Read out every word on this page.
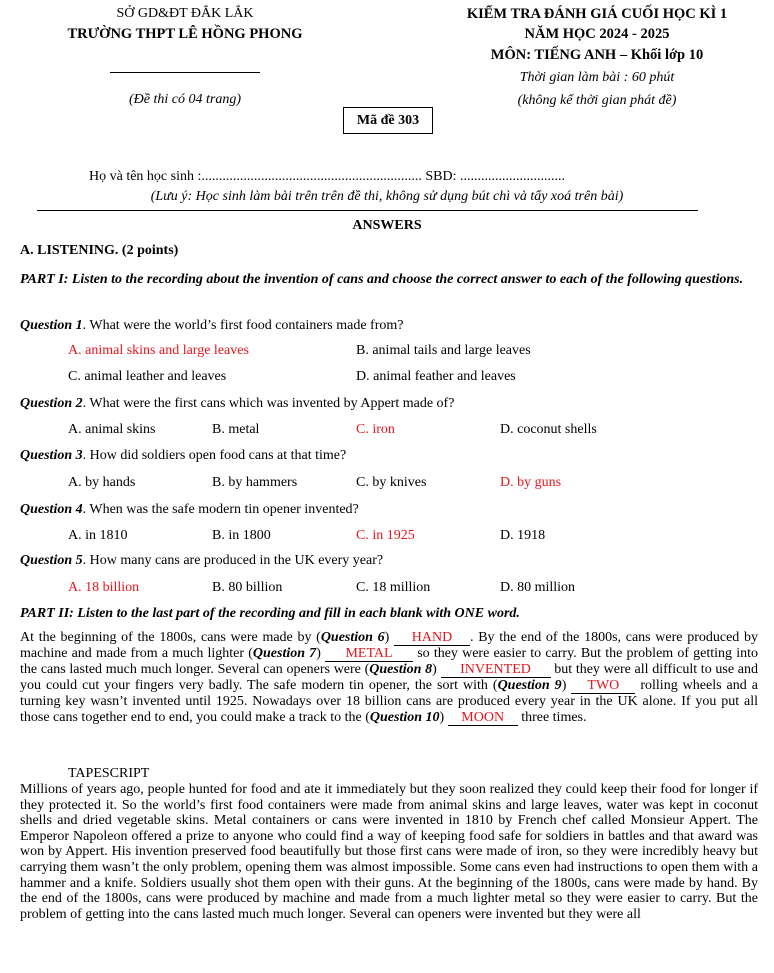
SỞ GD&ĐT ĐẮK LẮK
TRƯỜNG THPT LÊ HỒNG PHONG
(Đề thi có 04 trang)
KIỂM TRA ĐÁNH GIÁ CUỐI HỌC KÌ 1
NĂM HỌC 2024 - 2025
MÔN: TIẾNG ANH – Khối lớp 10
Thời gian làm bài : 60 phút
(không kể thời gian phát đề)
Mã đề 303
Họ và tên học sinh :............................................................... SBD: ..............................
(Lưu ý: Học sinh làm bài trên trên đề thi, không sử dụng bút chì và tẩy xoá trên bài)
ANSWERS
A. LISTENING. (2 points)
PART I: Listen to the recording about the invention of cans and choose the correct answer to each of the following questions.
Question 1. What were the world’s first food containers made from?
A. animal skins and large leaves	B. animal tails and large leaves
C. animal leather and leaves	D. animal feather and leaves
Question 2. What were the first cans which was invented by Appert made of?
A. animal skins	B. metal	C. iron	D. coconut shells
Question 3. How did soldiers open food cans at that time?
A. by hands	B. by hammers	C. by knives	D. by guns
Question 4. When was the safe modern tin opener invented?
A. in 1810	B. in 1800	C. in 1925	D. 1918
Question 5. How many cans are produced in the UK every year?
A. 18 billion	B. 80 billion	C. 18 million	D. 80 million
PART II: Listen to the last part of the recording and fill in each blank with ONE word.
At the beginning of the 1800s, cans were made by (Question 6) HAND . By the end of the 1800s, cans were produced by machine and made from a much lighter (Question 7) METAL so they were easier to carry. But the problem of getting into the cans lasted much much longer. Several can openers were (Question 8) INVENTED but they were all difficult to use and you could cut your fingers very badly. The safe modern tin opener, the sort with (Question 9) TWO rolling wheels and a turning key wasn’t invented until 1925. Nowadays over 18 billion cans are produced every year in the UK alone. If you put all those cans together end to end, you could make a track to the (Question 10) MOON three times.
TAPESCRIPT
Millions of years ago, people hunted for food and ate it immediately but they soon realized they could keep their food for longer if they protected it. So the world’s first food containers were made from animal skins and large leaves, water was kept in coconut shells and dried vegetable skins. Metal containers or cans were invented in 1810 by French chef called Monsieur Appert. The Emperor Napoleon offered a prize to anyone who could find a way of keeping food safe for soldiers in battles and that award was won by Appert. His invention preserved food beautifully but those first cans were made of iron, so they were incredibly heavy but carrying them wasn’t the only problem, opening them was almost impossible. Some cans even had instructions to open them with a hammer and a knife. Soldiers usually shot them open with their guns. At the beginning of the 1800s, cans were made by hand. By the end of the 1800s, cans were produced by machine and made from a much lighter metal so they were easier to carry. But the problem of getting into the cans lasted much much longer. Several can openers were invented but they were all
